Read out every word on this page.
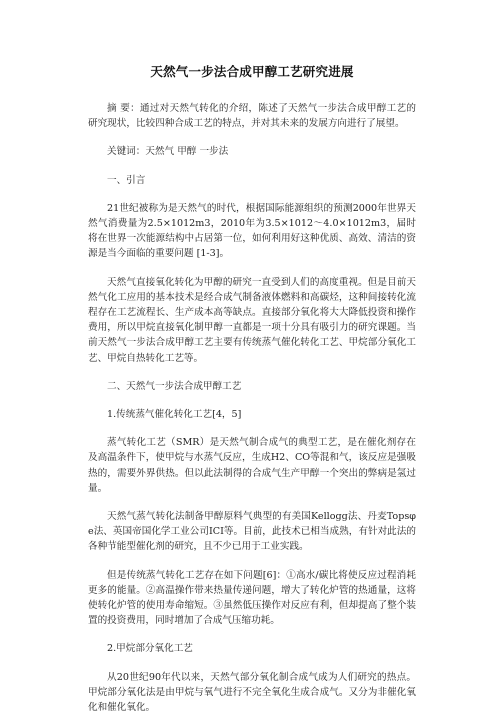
天然气一步法合成甲醇工艺研究进展

摘 要：通过对天然气转化的介绍，陈述了天然气一步法合成甲醇工艺的研究现状，比较四种合成工艺的特点，并对其未来的发展方向进行了展望。

关键词：天然气 甲醇 一步法

一、引言

21世纪被称为是天然气的时代，根据国际能源组织的预测2000年世界天然气消费量为2.5×1012m3，2010年为3.5×1012～4.0×1012m3，届时将在世界一次能源结构中占居第一位，如何利用好这种优质、高效、清洁的资源是当今面临的重要问题 [1-3]。

天然气直接氧化转化为甲醇的研究一直受到人们的高度重视。但是目前天然气化工应用的基本技术是经合成气制备液体燃料和高碳烃，这种间接转化流程存在工艺流程长、生产成本高等缺点。直接部分氧化将大大降低投资和操作费用，所以甲烷直接氧化制甲醇一直都是一项十分具有吸引力的研究课题。当前天然气一步法合成甲醇工艺主要有传统蒸气催化转化工艺、甲烷部分氧化工艺、甲烷自热转化工艺等。

二、天然气一步法合成甲醇工艺

1.传统蒸气催化转化工艺[4，5]

蒸气转化工艺（SMR）是天然气制合成气的典型工艺，是在催化剂存在及高温条件下，使甲烷与水蒸气反应，生成H2、CO等混和气，该反应是强吸热的，需要外界供热。但以此法制得的合成气生产甲醇一个突出的弊病是氢过量。

天然气蒸气转化法制备甲醇原料气典型的有美国Kellogg法、丹麦Topsφe法、英国帝国化学工业公司ICI等。目前，此技术已相当成熟，有针对此法的各种节能型催化剂的研究，且不少已用于工业实践。

但是传统蒸气转化工艺存在如下问题[6]：①高水/碳比将使反应过程消耗更多的能量。②高温操作带来热量传递问题，增大了转化炉管的热通量，这将使转化炉管的使用寿命缩短。③虽然低压操作对反应有利，但却提高了整个装置的投资费用，同时增加了合成气压缩功耗。

2.甲烷部分氧化工艺

从20世纪90年代以来，天然气部分氧化制合成气成为人们研究的热点。甲烷部分氧化法是由甲烷与氧气进行不完全氧化生成合成气。又分为非催化氧化和催化氧化。
